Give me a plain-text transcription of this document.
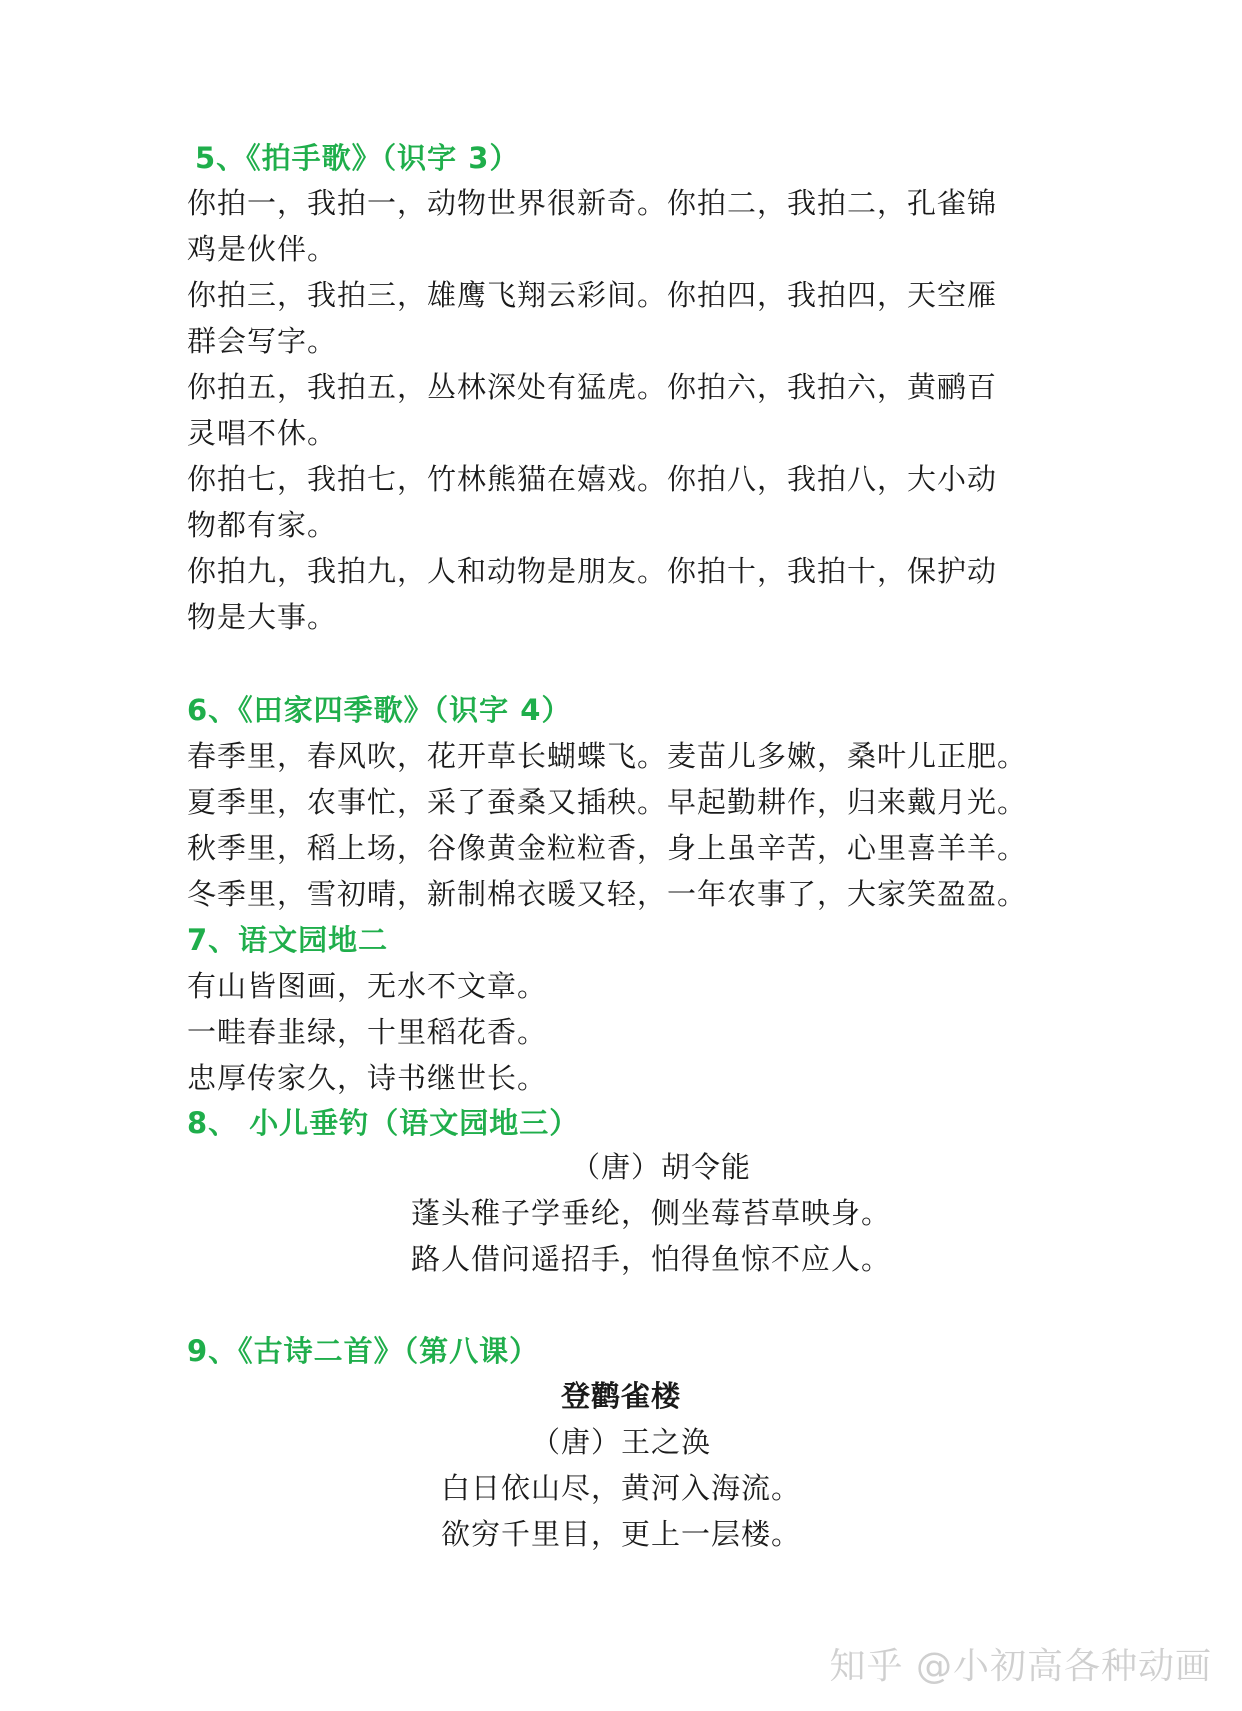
5、《拍手歌》（识字 3）
你拍一，我拍一，动物世界很新奇。你拍二，我拍二，孔雀锦
鸡是伙伴。
你拍三，我拍三，雄鹰飞翔云彩间。你拍四，我拍四，天空雁
群会写字。
你拍五，我拍五，丛林深处有猛虎。你拍六，我拍六，黄鹂百
灵唱不休。
你拍七，我拍七，竹林熊猫在嬉戏。你拍八，我拍八，大小动
物都有家。
你拍九，我拍九，人和动物是朋友。你拍十，我拍十，保护动
物是大事。
6、《田家四季歌》（识字 4）
春季里，春风吹，花开草长蝴蝶飞。麦苗儿多嫩，桑叶儿正肥。
夏季里，农事忙，采了蚕桑又插秧。早起勤耕作，归来戴月光。
秋季里，稻上场，谷像黄金粒粒香，身上虽辛苦，心里喜羊羊。
冬季里，雪初晴，新制棉衣暖又轻，一年农事了，大家笑盈盈。
7、语文园地二
有山皆图画，无水不文章。
一畦春韭绿，十里稻花香。
忠厚传家久，诗书继世长。
8、 小儿垂钓（语文园地三）
（唐）胡令能
蓬头稚子学垂纶，侧坐莓苔草映身。
路人借问遥招手，怕得鱼惊不应人。
9、《古诗二首》（第八课）
登鹳雀楼
（唐）王之涣
白日依山尽，黄河入海流。
欲穷千里目，更上一层楼。
知乎 @小初高各种动画
